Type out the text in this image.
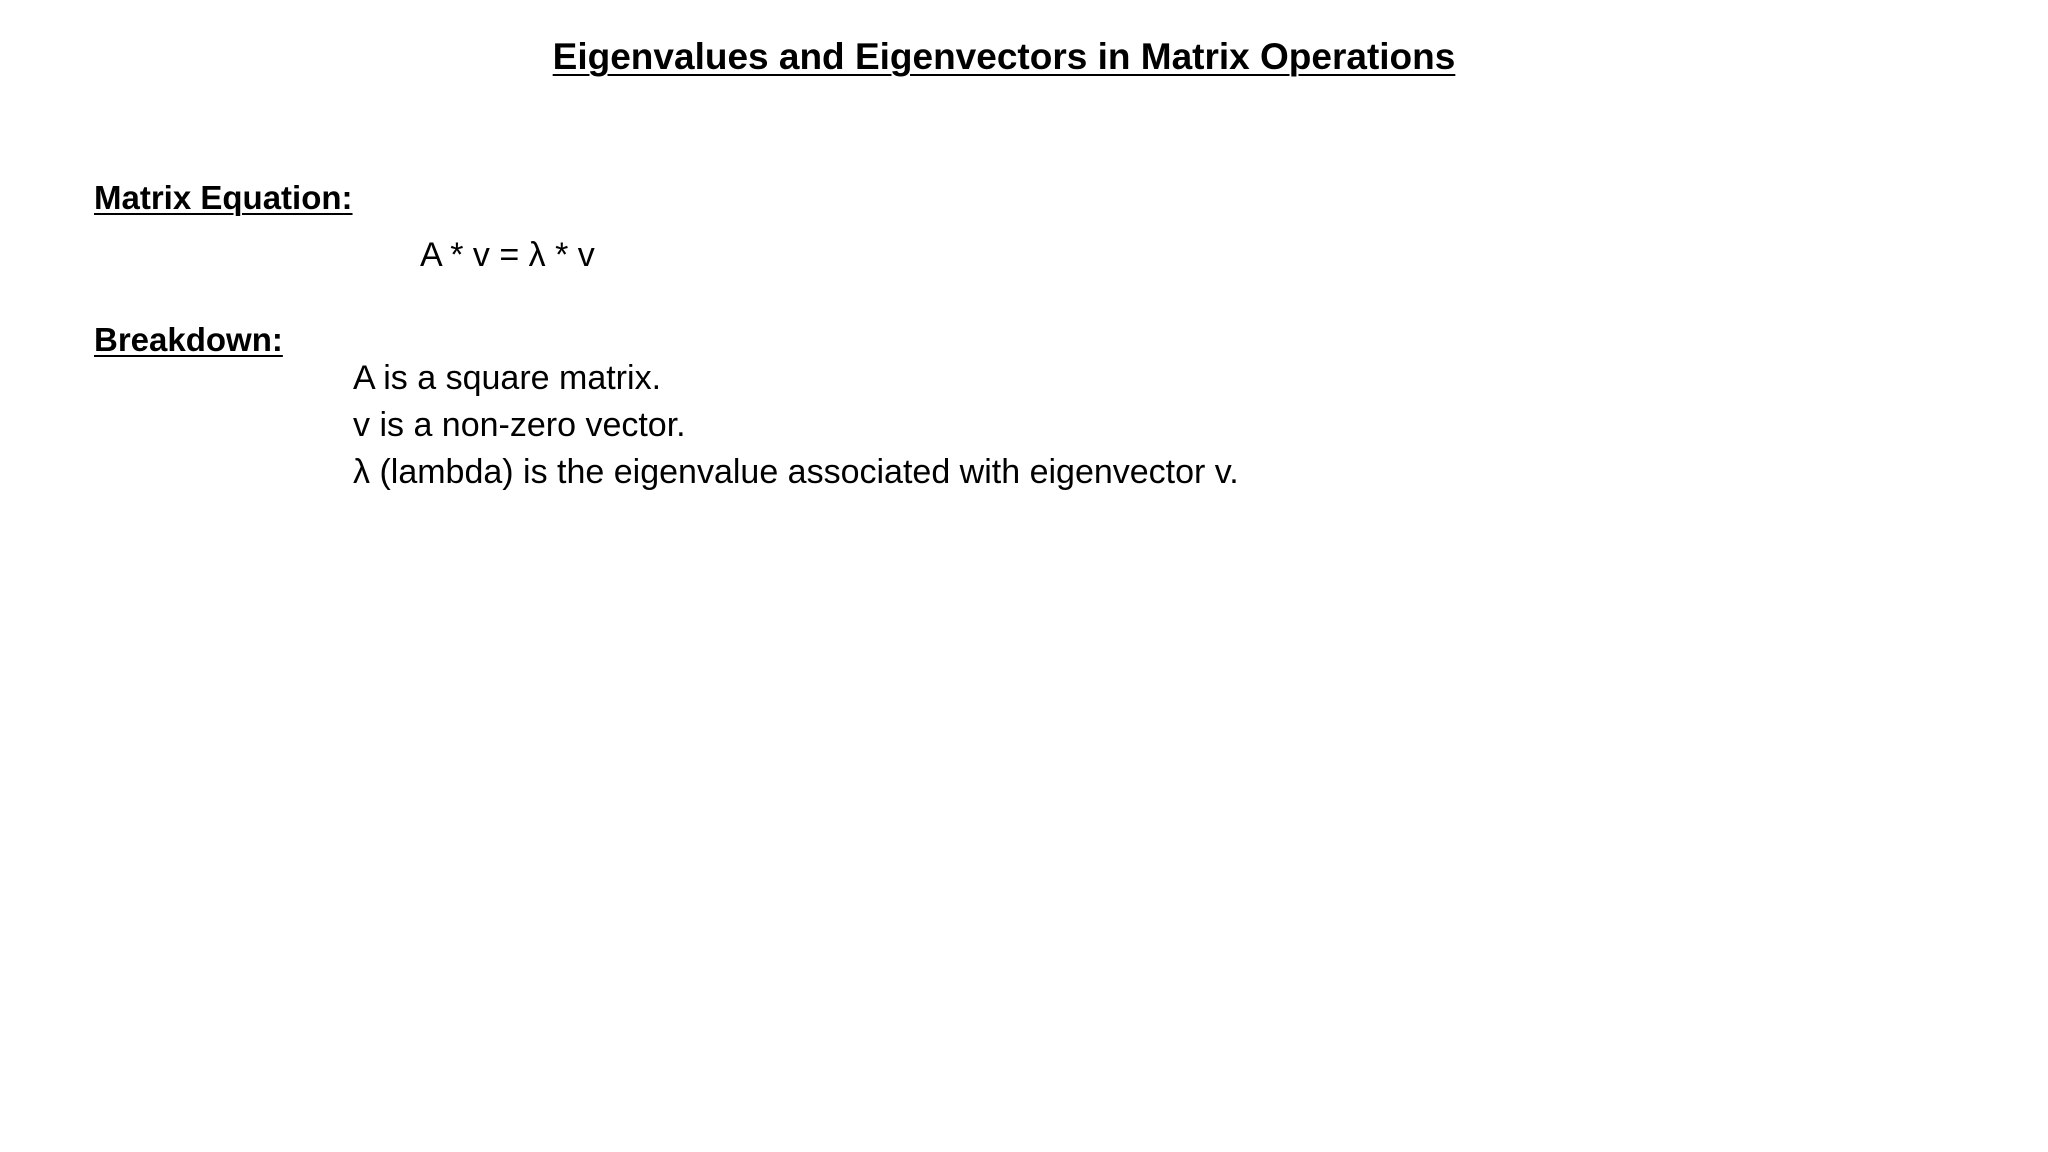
Eigenvalues and Eigenvectors in Matrix Operations
Matrix Equation:
A * v = λ * v
Breakdown:
A is a square matrix.
v is a non-zero vector.
λ (lambda) is the eigenvalue associated with eigenvector v.
